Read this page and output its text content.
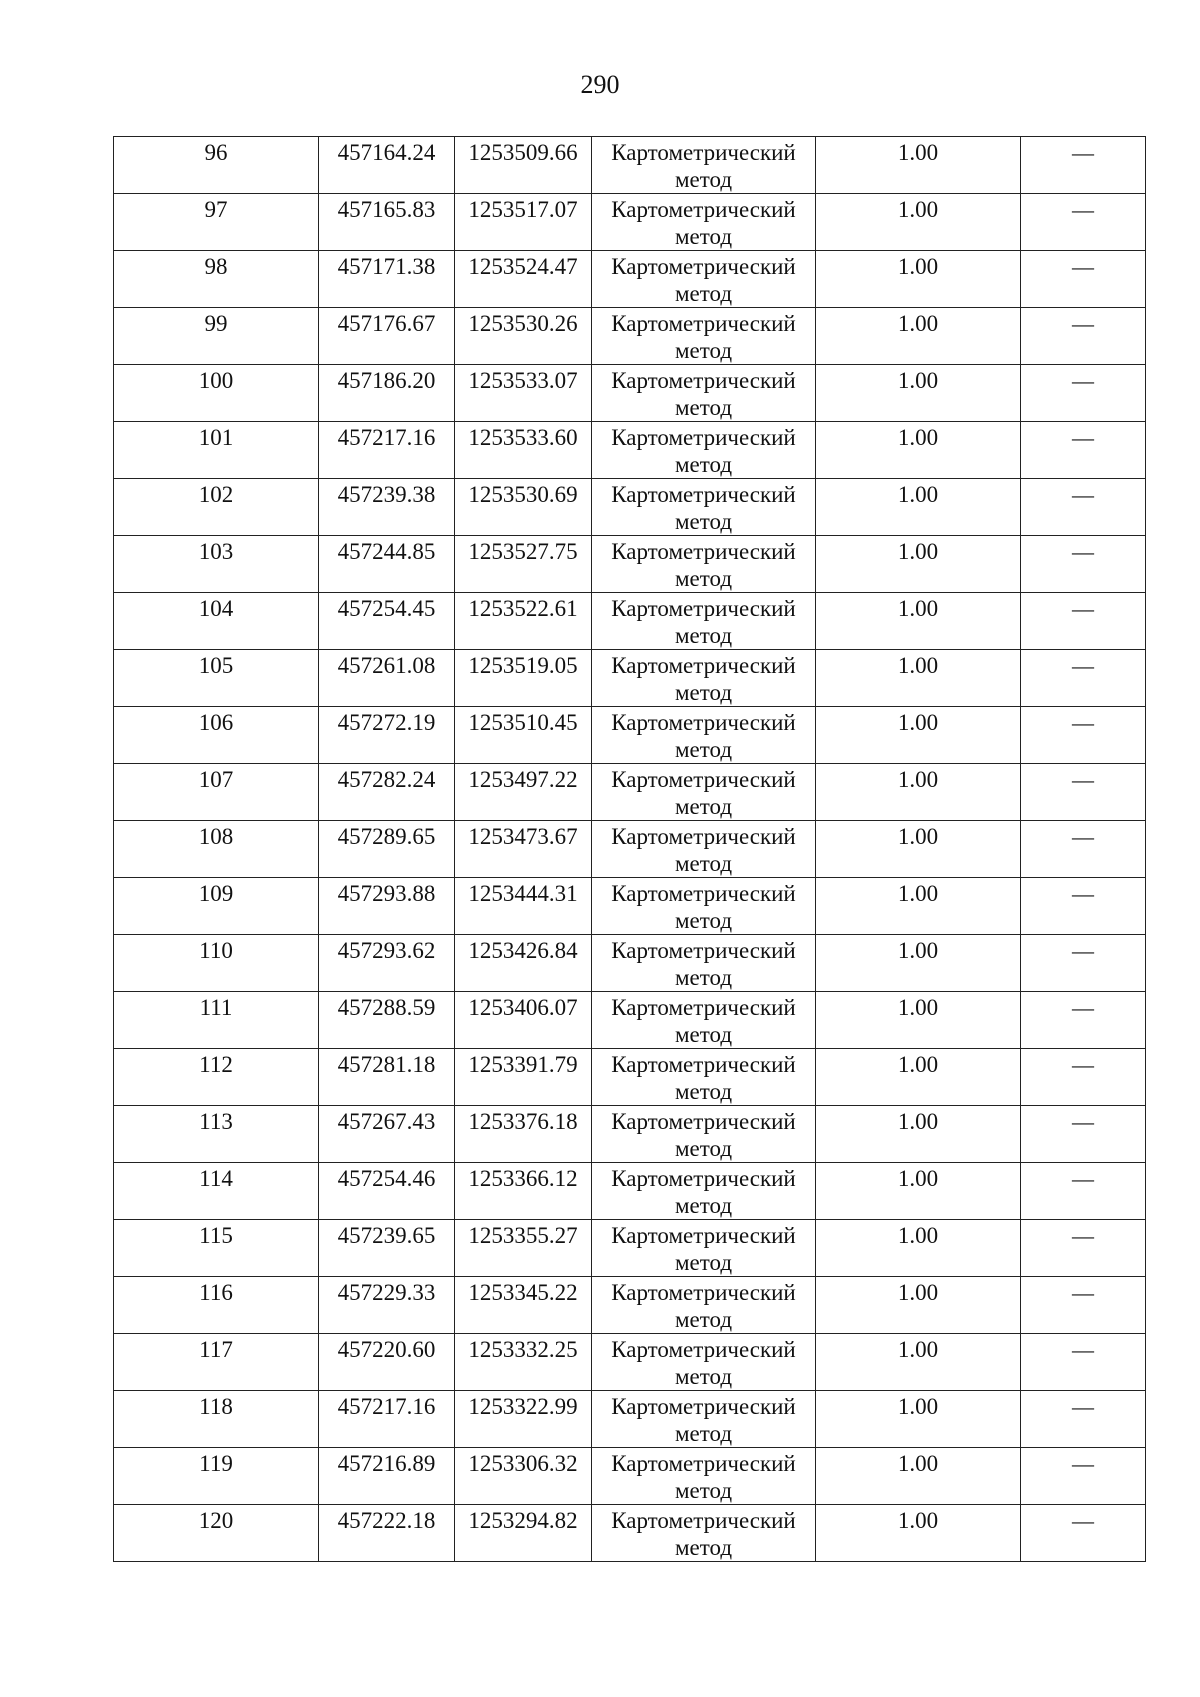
290
96	457164.24	1253509.66	Картометрический
метод	1.00	—
97	457165.83	1253517.07	Картометрический
метод	1.00	—
98	457171.38	1253524.47	Картометрический
метод	1.00	—
99	457176.67	1253530.26	Картометрический
метод	1.00	—
100	457186.20	1253533.07	Картометрический
метод	1.00	—
101	457217.16	1253533.60	Картометрический
метод	1.00	—
102	457239.38	1253530.69	Картометрический
метод	1.00	—
103	457244.85	1253527.75	Картометрический
метод	1.00	—
104	457254.45	1253522.61	Картометрический
метод	1.00	—
105	457261.08	1253519.05	Картометрический
метод	1.00	—
106	457272.19	1253510.45	Картометрический
метод	1.00	—
107	457282.24	1253497.22	Картометрический
метод	1.00	—
108	457289.65	1253473.67	Картометрический
метод	1.00	—
109	457293.88	1253444.31	Картометрический
метод	1.00	—
110	457293.62	1253426.84	Картометрический
метод	1.00	—
111	457288.59	1253406.07	Картометрический
метод	1.00	—
112	457281.18	1253391.79	Картометрический
метод	1.00	—
113	457267.43	1253376.18	Картометрический
метод	1.00	—
114	457254.46	1253366.12	Картометрический
метод	1.00	—
115	457239.65	1253355.27	Картометрический
метод	1.00	—
116	457229.33	1253345.22	Картометрический
метод	1.00	—
117	457220.60	1253332.25	Картометрический
метод	1.00	—
118	457217.16	1253322.99	Картометрический
метод	1.00	—
119	457216.89	1253306.32	Картометрический
метод	1.00	—
120	457222.18	1253294.82	Картометрический
метод	1.00	—
